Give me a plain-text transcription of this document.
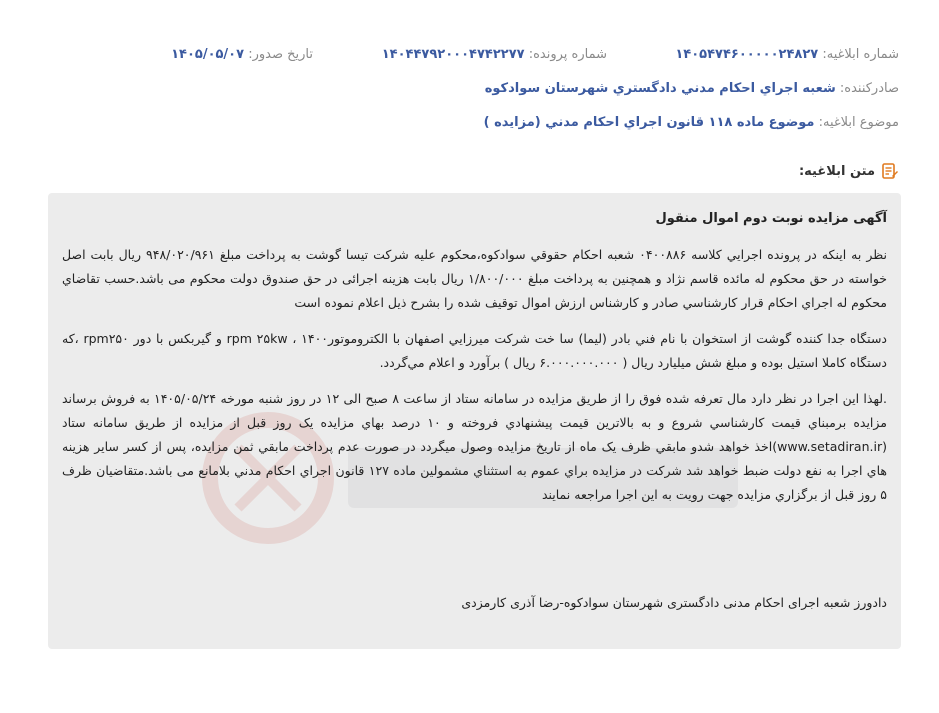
شماره ابلاغيه: ۱۴۰۵۴۷۴۶۰۰۰۰۰۲۴۸۲۷
شماره پرونده: ۱۴۰۴۴۷۹۲۰۰۰۴۷۴۲۲۷۷
تاريخ صدور: ۱۴۰۵/۰۵/۰۷
صادرکننده: شعبه اجراي احكام مدني دادگستري شهرستان سوادكوه
موضوع ابلاغيه: موضوع ماده ۱۱۸ قانون اجراي احكام مدني (مزايده )
متن ابلاغيه:

آگهی مزايده نوبت دوم اموال منقول

نظر به اينكه در پرونده اجرايي كلاسه ۰۴۰۰۸۸۶ شعبه احكام حقوقي سوادكوه،محكوم عليه شركت تيسا گوشت به پرداخت مبلغ ۹۴۸/۰۲۰/۹۶۱ ريال بابت اصل خواسته در حق محكوم له مائده قاسم نژاد و همچنين به پرداخت مبلغ ۱/۸۰۰/۰۰۰ ريال بابت هزينه اجرائى در حق صندوق دولت محكوم مى باشد.حسب تقاضاي محكوم له اجراي احكام قرار كارشناسي صادر و كارشناس ارزش اموال توقيف شده را بشرح ذيل اعلام نموده است

دستگاه جدا كننده گوشت از استخوان با نام فني بادر (ليما) سا خت شركت ميرزايي اصفهان با الكتروموتور۱۴۰۰ ، rpm ۲۵kw و گيربكس با دور rpm۲۵۰ ،كه دستگاه كاملا استيل بوده و مبلغ شش ميليارد ريال ( ۶.۰۰۰.۰۰۰.۰۰۰ ريال ) برآورد و اعلام مي‌گردد.

.لهذا اين اجرا در نظر دارد مال تعرفه شده فوق را از طريق مزايده در سامانه ستاد از ساعت ۸ صبح الى ۱۲ در روز شنبه مورخه ۱۴۰۵/۰۵/۲۴ به فروش برساند مزايده برمبناي قيمت كارشناسي شروع و به بالاترين قيمت پيشنهادي فروخته و ۱۰ درصد بهاي مزايده يک روز قبل از مزايده از طريق سامانه ستاد (www.setadiran.ir)اخذ خواهد شدو مابقي ظرف يک ماه از تاريخ مزايده وصول ميگردد در صورت عدم پرداخت مابقي ثمن مزايده، پس از كسر ساير هزينه هاي اجرا به نفع دولت ضبط خواهد شد شركت در مزايده براي عموم به استثناي مشمولين ماده ۱۲۷ قانون اجراي احكام مدني بلامانع مى باشد.متقاضيان ظرف ۵ روز قبل از برگزاري مزايده جهت رويت به اين اجرا مراجعه نمايند

دادورز شعبه اجراى احكام مدنى دادگسترى شهرستان سوادكوه-رضا آذرى كارمزدى
